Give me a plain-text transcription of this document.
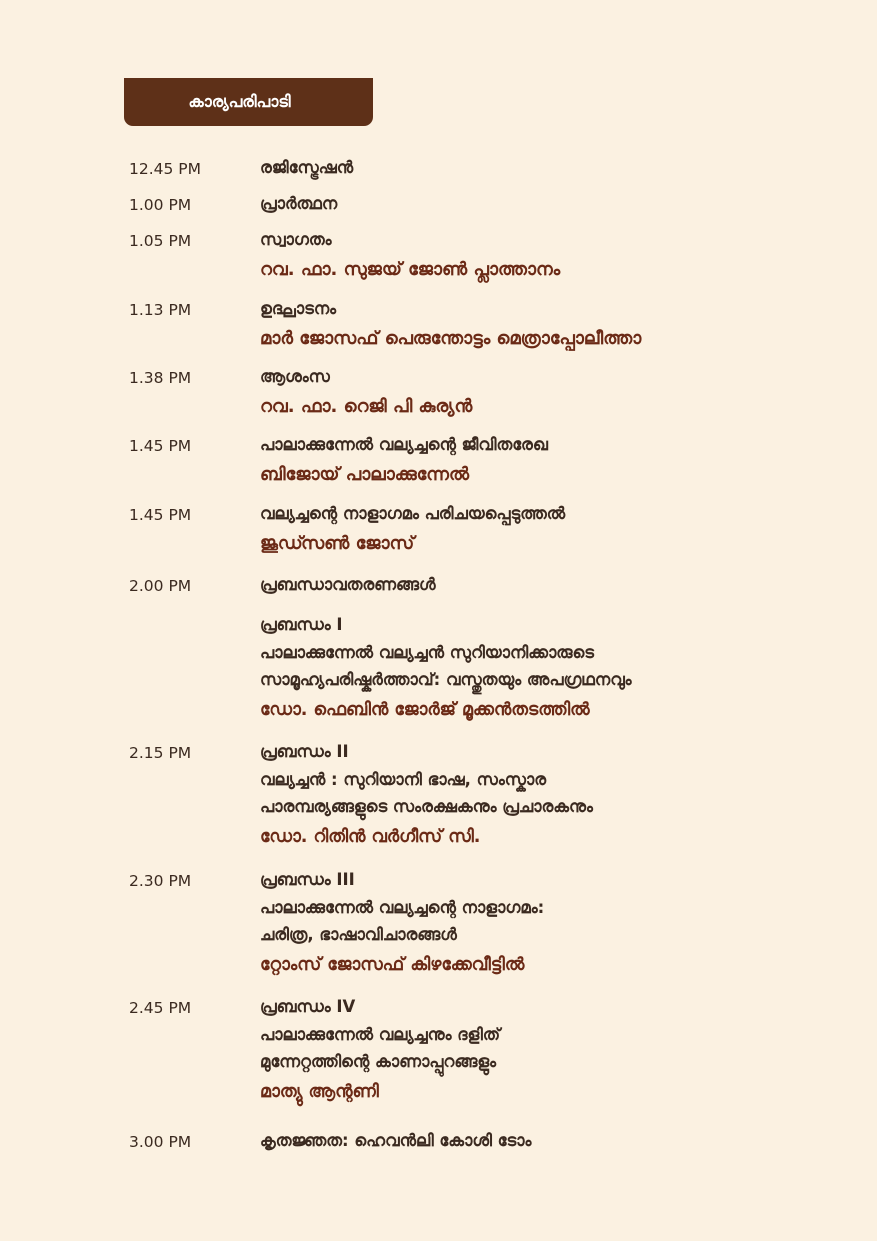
കാര്യപരിപാടി
12.45 PM	രജിസ്ട്രേഷൻ
1.00 PM	പ്രാർത്ഥന
1.05 PM	സ്വാഗതം
റവ. ഫാ. സുജയ് ജോൺ പ്ലാത്താനം
1.13 PM	ഉദ്ഘാടനം
മാർ ജോസഫ് പെരുന്തോട്ടം മെത്രാപ്പോലീത്താ
1.38 PM	ആശംസ
റവ. ഫാ. റെജി പി കുര്യൻ
1.45 PM	പാലാക്കുന്നേൽ വല്യച്ചന്റെ ജീവിതരേഖ
ബിജോയ് പാലാക്കുന്നേൽ
1.45 PM	വല്യച്ചന്റെ നാളാഗമം പരിചയപ്പെടുത്തൽ
ജൂഡ്സൺ ജോസ്
2.00 PM	പ്രബന്ധാവതരണങ്ങൾ
പ്രബന്ധം I
പാലാക്കുന്നേൽ വല്യച്ചൻ സുറിയാനിക്കാരുടെ
സാമൂഹ്യപരിഷ്കർത്താവ്: വസ്തുതയും അപഗ്രഥനവും
ഡോ. ഫെബിൻ ജോർജ് മൂക്കൻതടത്തിൽ
2.15 PM	പ്രബന്ധം II
വല്യച്ചൻ : സുറിയാനി ഭാഷ, സംസ്കാര
പാരമ്പര്യങ്ങളുടെ സംരക്ഷകനും പ്രചാരകനും
ഡോ. റിതിൻ വർഗീസ് സി.
2.30 PM	പ്രബന്ധം III
പാലാക്കുന്നേൽ വല്യച്ചന്റെ നാളാഗമം:
ചരിത്ര, ഭാഷാവിചാരങ്ങൾ
റ്റോംസ് ജോസഫ് കിഴക്കേവീട്ടിൽ
2.45 PM	പ്രബന്ധം IV
പാലാക്കുന്നേൽ വല്യച്ചനും ദളിത്
മുന്നേറ്റത്തിന്റെ കാണാപ്പുറങ്ങളും
മാത്യു ആന്റണി
3.00 PM	കൃതജ്ഞത: ഹെവൻലി കോശി ടോം
